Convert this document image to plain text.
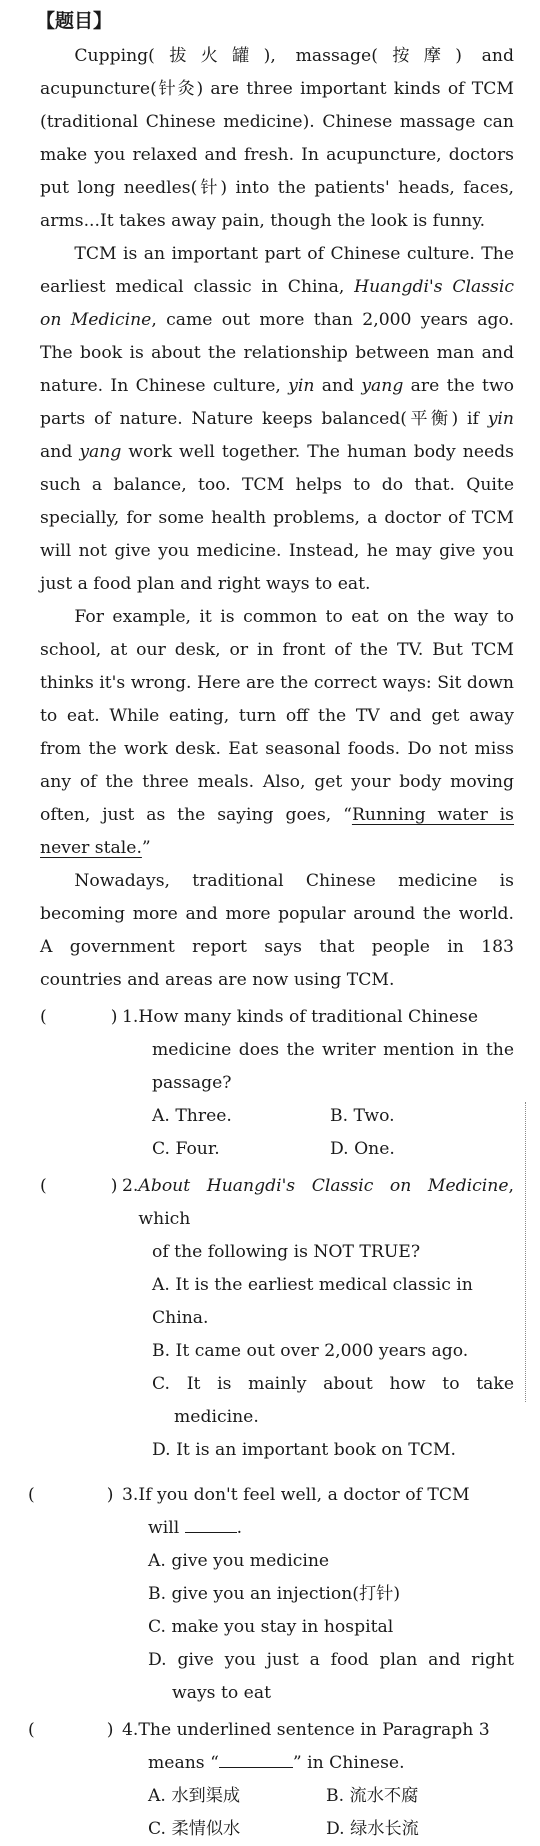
【题目】

Cupping(拔火罐), massage(按摩) and acupuncture(针灸) are three important kinds of TCM (traditional Chinese medicine). Chinese massage can make you relaxed and fresh. In acupuncture, doctors put long needles(针) into the patients' heads, faces, arms...It takes away pain, though the look is funny.

TCM is an important part of Chinese culture. The earliest medical classic in China, Huangdi's Classic on Medicine, came out more than 2,000 years ago. The book is about the relationship between man and nature. In Chinese culture, yin and yang are the two parts of nature. Nature keeps balanced(平衡) if yin and yang work well together. The human body needs such a balance, too. TCM helps to do that. Quite specially, for some health problems, a doctor of TCM will not give you medicine. Instead, he may give you just a food plan and right ways to eat.

For example, it is common to eat on the way to school, at our desk, or in front of the TV. But TCM thinks it's wrong. Here are the correct ways: Sit down to eat. While eating, turn off the TV and get away from the work desk. Eat seasonal foods. Do not miss any of the three meals. Also, get your body moving often, just as the saying goes, “Running water is never stale.”

Nowadays, traditional Chinese medicine is becoming more and more popular around the world. A government report says that people in 183 countries and areas are now using TCM.

(	) 1. How many kinds of traditional Chinese
medicine does the writer mention in the passage?
A. Three.	B. Two.
C. Four.	D. One.
(	) 2. About Huangdi's Classic on Medicine, which
of the following is NOT TRUE?
A. It is the earliest medical classic in China.
B. It came out over 2,000 years ago.
C. It is mainly about how to take
medicine.
D. It is an important book on TCM.
(	) 3. If you don't feel well, a doctor of TCM
will	.
A. give you medicine
B. give you an injection(打针)
C. make you stay in hospital
D. give you just a food plan and right
ways to eat
(	) 4. The underlined sentence in Paragraph 3
means “	” in Chinese.
A. 水到渠成	B. 流水不腐
C. 柔情似水	D. 绿水长流
